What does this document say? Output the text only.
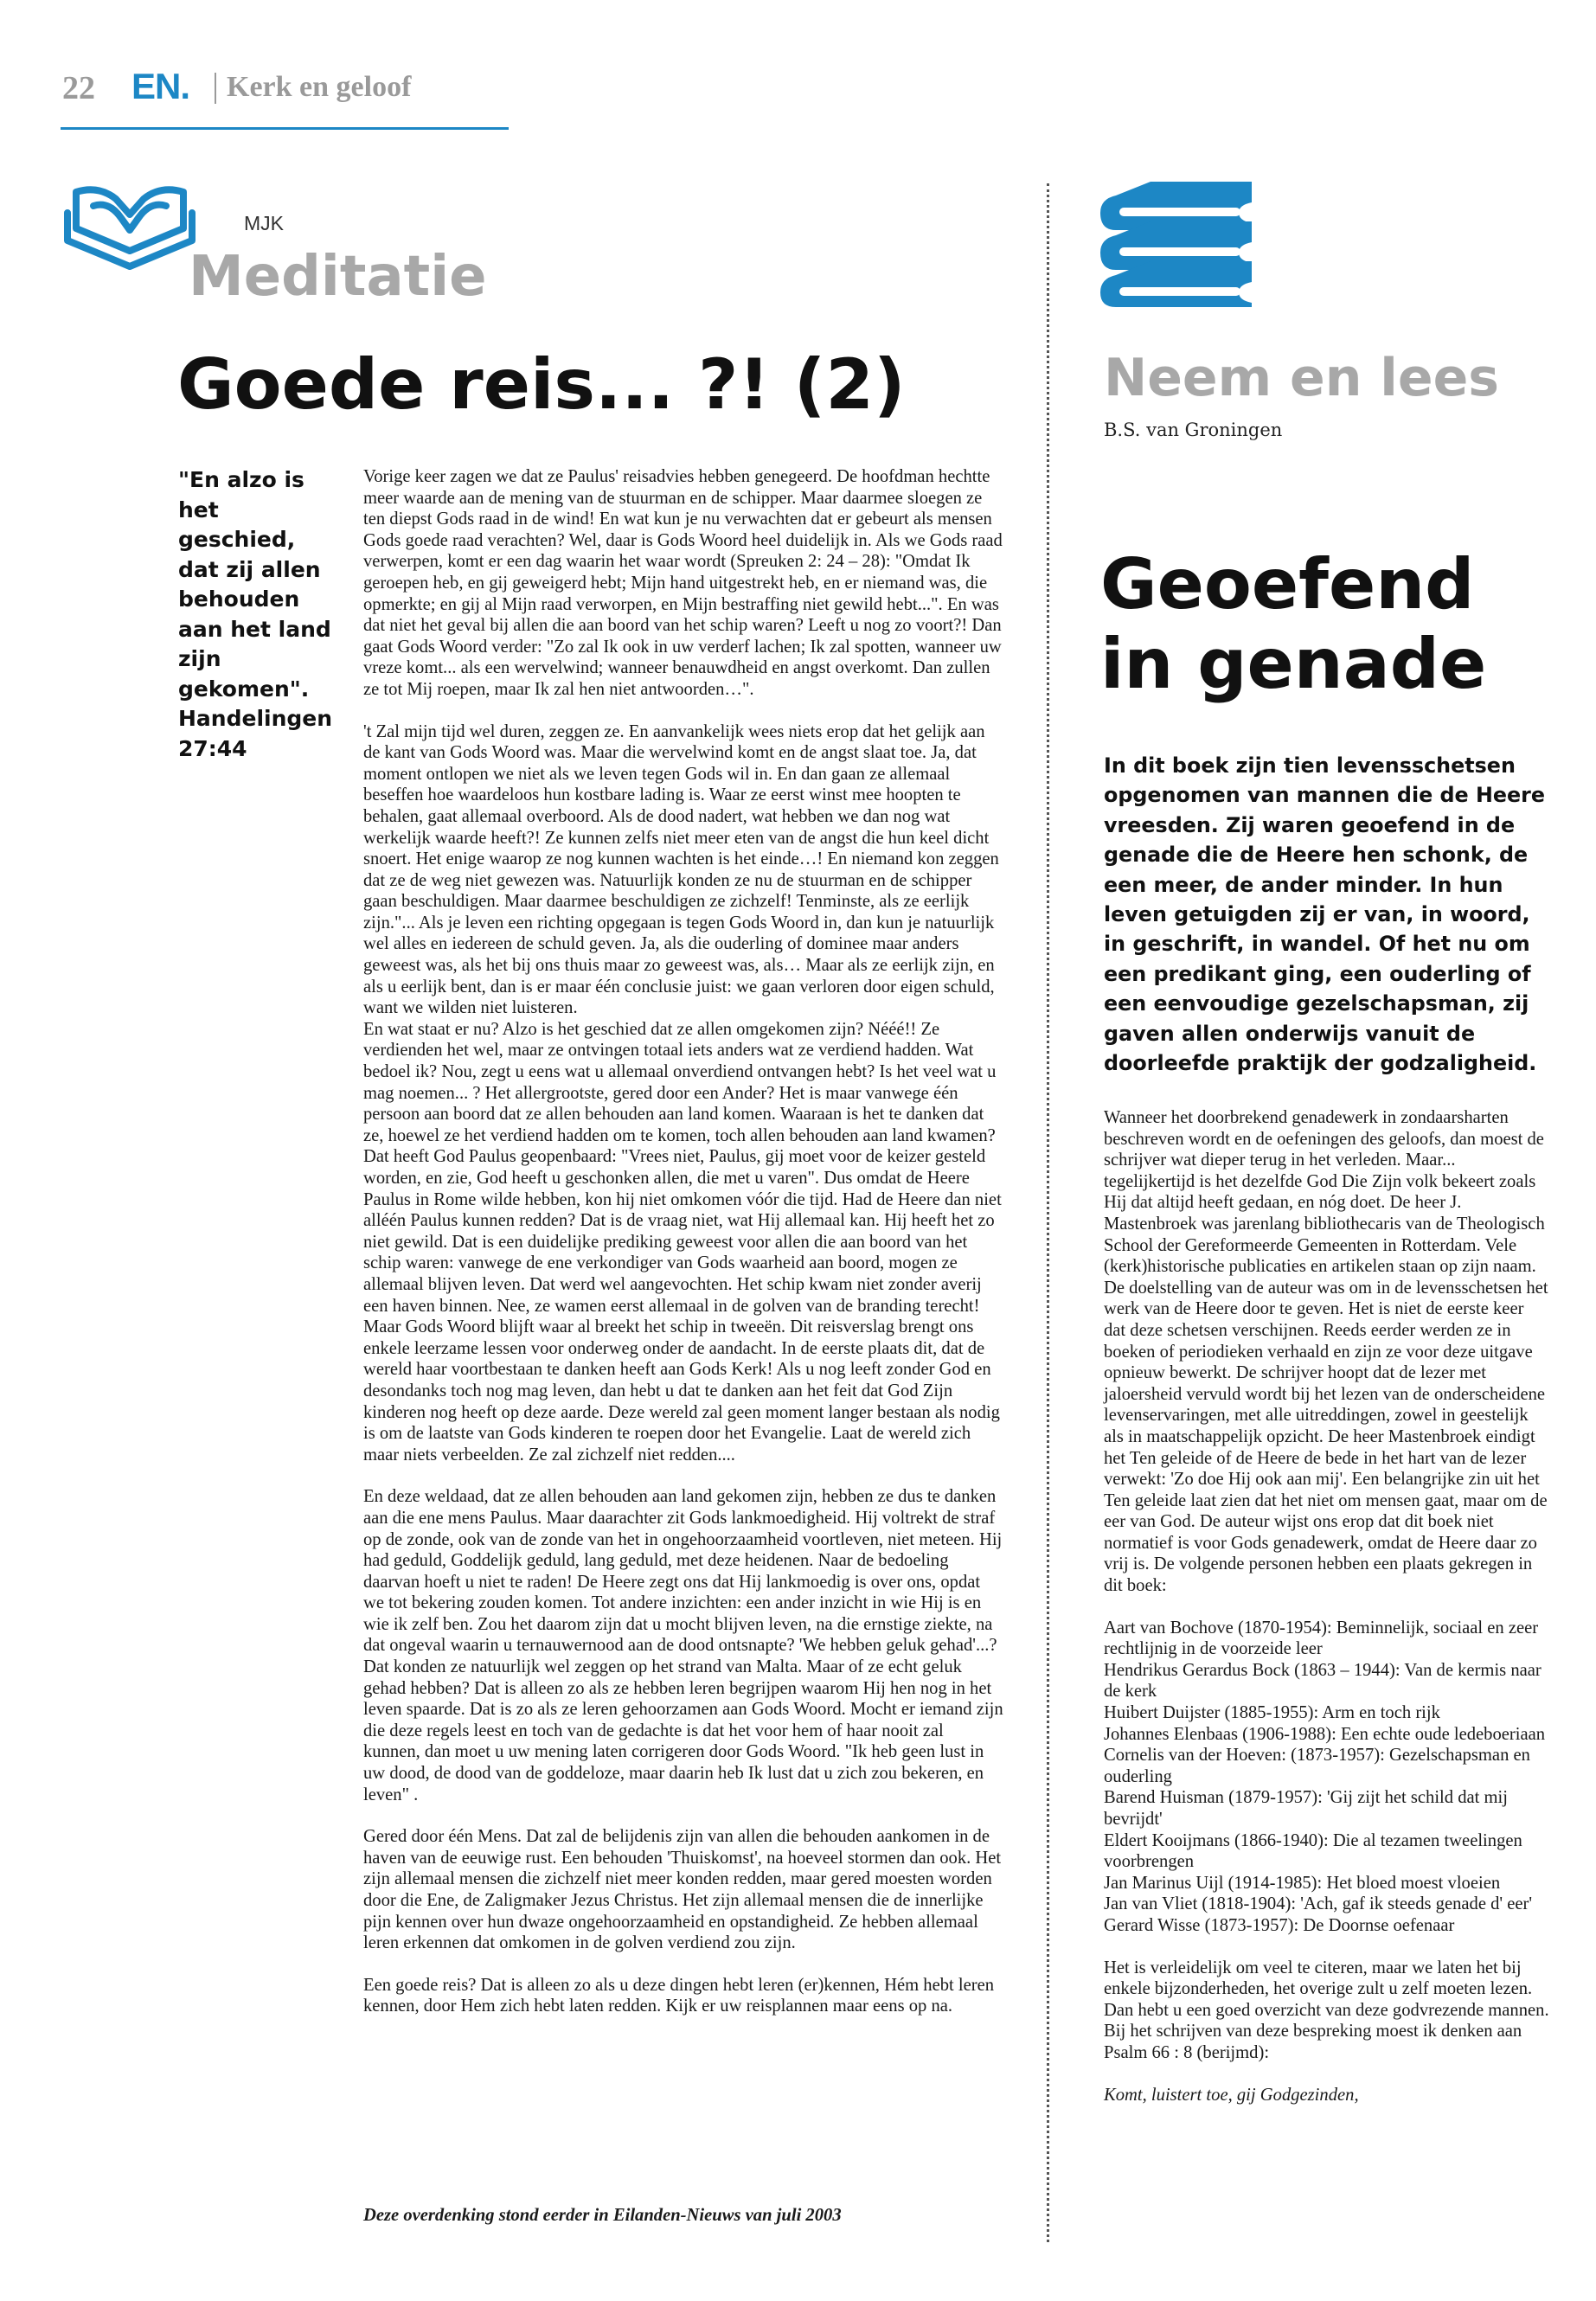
22 EN. Kerk en geloof
MJK
Meditatie
Goede reis... ?! (2)
"En alzo is het geschied, dat zij allen behouden aan het land zijn gekomen". Handelingen 27:44

Vorige keer zagen we dat ze Paulus' reisadvies hebben genegeerd. De hoofdman hechtte meer waarde aan de mening van de stuurman en de schipper. Maar daarmee sloegen ze ten diepst Gods raad in de wind! En wat kun je nu verwachten dat er gebeurt als mensen Gods goede raad verachten? Wel, daar is Gods Woord heel duidelijk in. Als we Gods raad verwerpen, komt er een dag waarin het waar wordt (Spreuken 2: 24 – 28): "Omdat Ik geroepen heb, en gij geweigerd hebt; Mijn hand uitgestrekt heb, en er niemand was, die opmerkte; en gij al Mijn raad verworpen, en Mijn bestraffing niet gewild hebt...". En was dat niet het geval bij allen die aan boord van het schip waren? Leeft u nog zo voort?! Dan gaat Gods Woord verder: "Zo zal Ik ook in uw verderf lachen; Ik zal spotten, wanneer uw vreze komt... als een wervelwind; wanneer benauwdheid en angst overkomt. Dan zullen ze tot Mij roepen, maar Ik zal hen niet antwoorden…".

't Zal mijn tijd wel duren, zeggen ze. En aanvankelijk wees niets erop dat het gelijk aan de kant van Gods Woord was. Maar die wervelwind komt en de angst slaat toe. Ja, dat moment ontlopen we niet als we leven tegen Gods wil in. En dan gaan ze allemaal beseffen hoe waardeloos hun kostbare lading is. Waar ze eerst winst mee hoopten te behalen, gaat allemaal overboord. Als de dood nadert, wat hebben we dan nog wat werkelijk waarde heeft?! Ze kunnen zelfs niet meer eten van de angst die hun keel dicht snoert. Het enige waarop ze nog kunnen wachten is het einde…! En niemand kon zeggen dat ze de weg niet gewezen was. Natuurlijk konden ze nu de stuurman en de schipper gaan beschuldigen. Maar daarmee beschuldigen ze zichzelf! Tenminste, als ze eerlijk zijn."... Als je leven een richting opgegaan is tegen Gods Woord in, dan kun je natuurlijk wel alles en iedereen de schuld geven. Ja, als die ouderling of dominee maar anders geweest was, als het bij ons thuis maar zo geweest was, als… Maar als ze eerlijk zijn, en als u eerlijk bent, dan is er maar één conclusie juist: we gaan verloren door eigen schuld, want we wilden niet luisteren.

En wat staat er nu? Alzo is het geschied dat ze allen omgekomen zijn? Nééé!! Ze verdienden het wel, maar ze ontvingen totaal iets anders wat ze verdiend hadden. Wat bedoel ik? Nou, zegt u eens wat u allemaal onverdiend ontvangen hebt? Is het veel wat u mag noemen... ? Het allergrootste, gered door een Ander? Het is maar vanwege één persoon aan boord dat ze allen behouden aan land komen. Waaraan is het te danken dat ze, hoewel ze het verdiend hadden om te komen, toch allen behouden aan land kwamen? Dat heeft God Paulus geopenbaard: "Vrees niet, Paulus, gij moet voor de keizer gesteld worden, en zie, God heeft u geschonken allen, die met u varen". Dus omdat de Heere Paulus in Rome wilde hebben, kon hij niet omkomen vóór die tijd. Had de Heere dan niet alléén Paulus kunnen redden? Dat is de vraag niet, wat Hij allemaal kan. Hij heeft het zo niet gewild. Dat is een duidelijke prediking geweest voor allen die aan boord van het schip waren: vanwege de ene verkondiger van Gods waarheid aan boord, mogen ze allemaal blijven leven. Dat werd wel aangevochten. Het schip kwam niet zonder averij een haven binnen. Nee, ze wamen eerst allemaal in de golven van de branding terecht! Maar Gods Woord blijft waar al breekt het schip in tweeën. Dit reisverslag brengt ons enkele leerzame lessen voor onderweg onder de aandacht. In de eerste plaats dit, dat de wereld haar voortbestaan te danken heeft aan Gods Kerk! Als u nog leeft zonder God en desondanks toch nog mag leven, dan hebt u dat te danken aan het feit dat God Zijn kinderen nog heeft op deze aarde. Deze wereld zal geen moment langer bestaan als nodig is om de laatste van Gods kinderen te roepen door het Evangelie. Laat de wereld zich maar niets verbeelden. Ze zal zichzelf niet redden....

En deze weldaad, dat ze allen behouden aan land gekomen zijn, hebben ze dus te danken aan die ene mens Paulus. Maar daarachter zit Gods lankmoedigheid. Hij voltrekt de straf op de zonde, ook van de zonde van het in ongehoorzaamheid voortleven, niet meteen. Hij had geduld, Goddelijk geduld, lang geduld, met deze heidenen. Naar de bedoeling daarvan hoeft u niet te raden! De Heere zegt ons dat Hij lankmoedig is over ons, opdat we tot bekering zouden komen. Tot andere inzichten: een ander inzicht in wie Hij is en wie ik zelf ben. Zou het daarom zijn dat u mocht blijven leven, na die ernstige ziekte, na dat ongeval waarin u ternauwernood aan de dood ontsnapte? 'We hebben geluk gehad'...? Dat konden ze natuurlijk wel zeggen op het strand van Malta. Maar of ze echt geluk gehad hebben? Dat is alleen zo als ze hebben leren begrijpen waarom Hij hen nog in het leven spaarde. Dat is zo als ze leren gehoorzamen aan Gods Woord. Mocht er iemand zijn die deze regels leest en toch van de gedachte is dat het voor hem of haar nooit zal kunnen, dan moet u uw mening laten corrigeren door Gods Woord. "Ik heb geen lust in uw dood, de dood van de goddeloze, maar daarin heb Ik lust dat u zich zou bekeren, en leven" .

Gered door één Mens. Dat zal de belijdenis zijn van allen die behouden aankomen in de haven van de eeuwige rust. Een behouden 'Thuiskomst', na hoeveel stormen dan ook. Het zijn allemaal mensen die zichzelf niet meer konden redden, maar gered moesten worden door die Ene, de Zaligmaker Jezus Christus. Het zijn allemaal mensen die de innerlijke pijn kennen over hun dwaze ongehoorzaamheid en opstandigheid. Ze hebben allemaal leren erkennen dat omkomen in de golven verdiend zou zijn.

Een goede reis? Dat is alleen zo als u deze dingen hebt leren (er)kennen, Hém hebt leren kennen, door Hem zich hebt laten redden. Kijk er uw reisplannen maar eens op na.

Deze overdenking stond eerder in Eilanden-Nieuws van juli 2003
Neem en lees
B.S. van Groningen
Geoefend
in genade
In dit boek zijn tien levensschetsen opgenomen van mannen die de Heere vreesden. Zij waren geoefend in de genade die de Heere hen schonk, de een meer, de ander minder. In hun leven getuigden zij er van, in woord, in geschrift, in wandel. Of het nu om een predikant ging, een ouderling of een eenvoudige gezelschapsman, zij gaven allen onderwijs vanuit de doorleefde praktijk der godzaligheid.

Wanneer het doorbrekend genadewerk in zondaarsharten beschreven wordt en de oefeningen des geloofs, dan moest de schrijver wat dieper terug in het verleden. Maar... tegelijkertijd is het dezelfde God Die Zijn volk bekeert zoals Hij dat altijd heeft gedaan, en nóg doet. De heer J. Mastenbroek was jarenlang bibliothecaris van de Theologisch School der Gereformeerde Gemeenten in Rotterdam. Vele (kerk)historische publicaties en artikelen staan op zijn naam. De doelstelling van de auteur was om in de levensschetsen het werk van de Heere door te geven. Het is niet de eerste keer dat deze schetsen verschijnen. Reeds eerder werden ze in boeken of periodieken verhaald en zijn ze voor deze uitgave opnieuw bewerkt. De schrijver hoopt dat de lezer met jaloersheid vervuld wordt bij het lezen van de onderscheidene levenservaringen, met alle uitreddingen, zowel in geestelijk als in maatschappelijk opzicht. De heer Mastenbroek eindigt het Ten geleide of de Heere de bede in het hart van de lezer verwekt: 'Zo doe Hij ook aan mij'. Een belangrijke zin uit het Ten geleide laat zien dat het niet om mensen gaat, maar om de eer van God. De auteur wijst ons erop dat dit boek niet normatief is voor Gods genadewerk, omdat de Heere daar zo vrij is. De volgende personen hebben een plaats gekregen in dit boek:

Aart van Bochove (1870-1954): Beminnelijk, sociaal en zeer rechtlijnig in de voorzeide leer
Hendrikus Gerardus Bock (1863 – 1944): Van de kermis naar de kerk
Huibert Duijster (1885-1955): Arm en toch rijk
Johannes Elenbaas (1906-1988): Een echte oude ledeboeriaan
Cornelis van der Hoeven: (1873-1957): Gezelschapsman en ouderling
Barend Huisman (1879-1957): 'Gij zijt het schild dat mij bevrijdt'
Eldert Kooijmans (1866-1940): Die al tezamen tweelingen voorbrengen
Jan Marinus Uijl (1914-1985): Het bloed moest vloeien
Jan van Vliet (1818-1904): 'Ach, gaf ik steeds genade d' eer'
Gerard Wisse (1873-1957): De Doornse oefenaar

Het is verleidelijk om veel te citeren, maar we laten het bij enkele bijzonderheden, het overige zult u zelf moeten lezen. Dan hebt u een goed overzicht van deze godvrezende mannen. Bij het schrijven van deze bespreking moest ik denken aan Psalm 66 : 8 (berijmd):

Komt, luistert toe, gij Godgezinden,
